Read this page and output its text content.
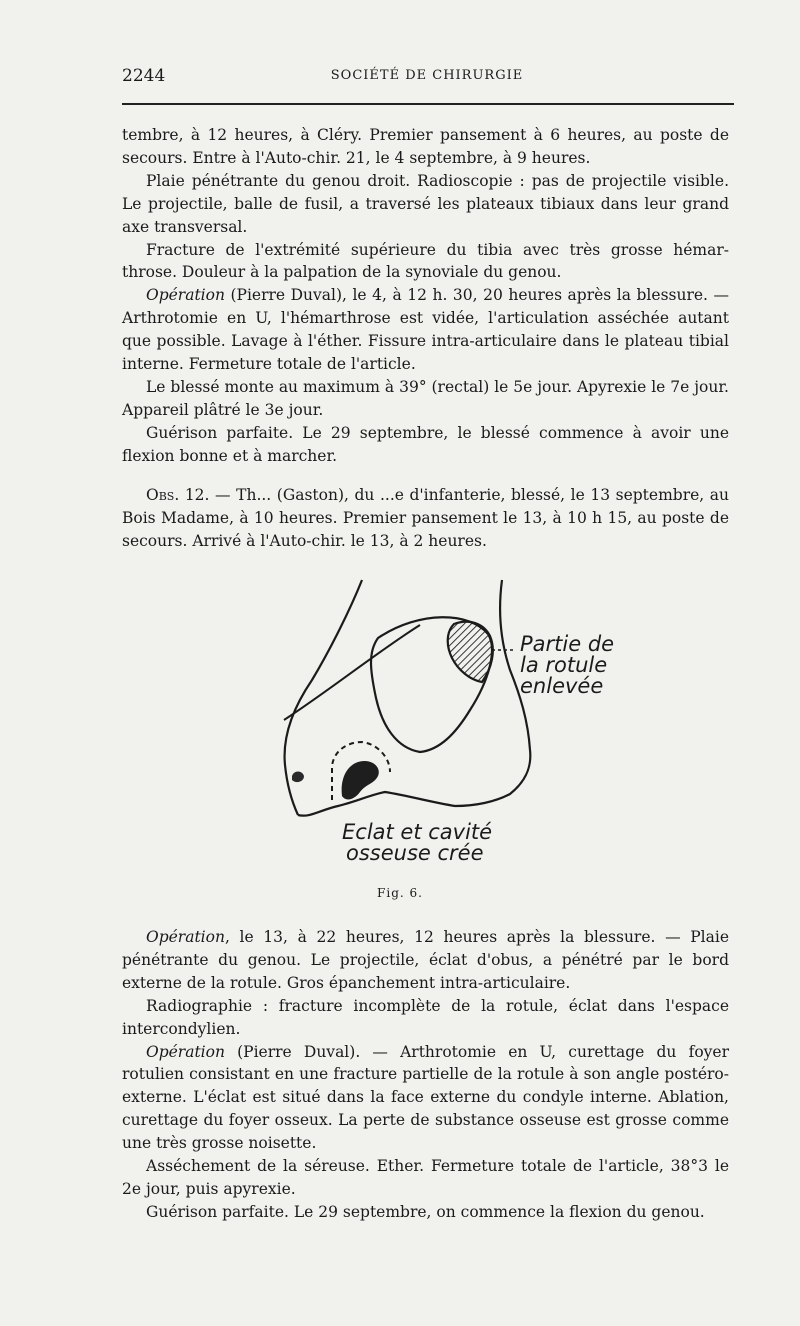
2244	SOCIÉTÉ DE CHIRURGIE

tembre, à 12 heures, à Cléry. Premier pansement à 6 heures, au poste de secours. Entre à l'Auto-chir. 21, le 4 septembre, à 9 heures.

Plaie pénétrante du genou droit. Radioscopie : pas de projectile visible. Le projectile, balle de fusil, a traversé les plateaux tibiaux dans leur grand axe transversal.

Fracture de l'extrémité supérieure du tibia avec très grosse hémar-throse. Douleur à la palpation de la synoviale du genou.

Opération (Pierre Duval), le 4, à 12 h. 30, 20 heures après la blessure. — Arthrotomie en U, l'hémarthrose est vidée, l'articulation asséchée autant que possible. Lavage à l'éther. Fissure intra-articulaire dans le plateau tibial interne. Fermeture totale de l'article.

Le blessé monte au maximum à 39° (rectal) le 5e jour. Apyrexie le 7e jour. Appareil plâtré le 3e jour.

Guérison parfaite. Le 29 septembre, le blessé commence à avoir une flexion bonne et à marcher.

Obs. 12. — Th... (Gaston), du ...e d'infanterie, blessé, le 13 septembre, au Bois Madame, à 10 heures. Premier pansement le 13, à 10 h 15, au poste de secours. Arrivé à l'Auto-chir. le 13, à 2 heures.

Partie de
la rotule
enlevée
Eclat et cavité
osseuse crée
Fig. 6.

Opération, le 13, à 22 heures, 12 heures après la blessure. — Plaie pénétrante du genou. Le projectile, éclat d'obus, a pénétré par le bord externe de la rotule. Gros épanchement intra-articulaire.

Radiographie : fracture incomplète de la rotule, éclat dans l'espace intercondylien.

Opération (Pierre Duval). — Arthrotomie en U, curettage du foyer rotulien consistant en une fracture partielle de la rotule à son angle postéro-externe. L'éclat est situé dans la face externe du condyle interne. Ablation, curettage du foyer osseux. La perte de substance osseuse est grosse comme une très grosse noisette.

Asséchement de la séreuse. Ether. Fermeture totale de l'article, 38°3 le 2e jour, puis apyrexie.

Guérison parfaite. Le 29 septembre, on commence la flexion du genou.
